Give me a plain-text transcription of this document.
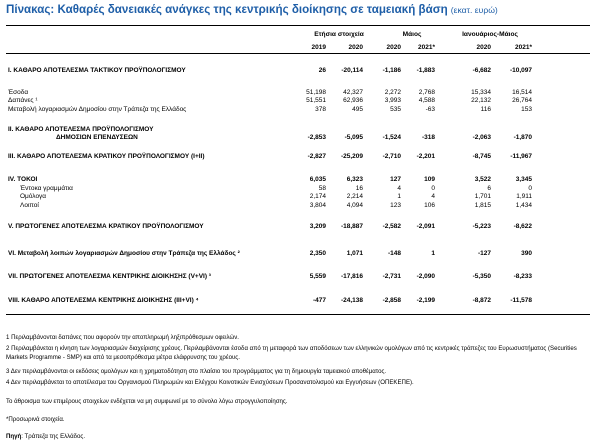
Πίνακας: Καθαρές δανειακές ανάγκες της κεντρικής διοίκησης σε ταμειακή βάση (εκατ. ευρώ)
Ετήσια στοιχεία	Μάιος	Ιανουάριος-Μάιος
2019	2020	2020	2021*	2020	2021*
I. ΚΑΘΑΡΟ ΑΠΟΤΕΛΕΣΜΑ ΤΑΚΤΙΚΟΥ ΠΡΟΫΠΟΛΟΓΙΣΜΟΥ	26	-20,114	-1,186	-1,883	-6,682	-10,097
Έσοδα	51,198	42,327	2,272	2,768	15,334	16,514
Δαπάνες ¹	51,551	62,936	3,993	4,588	22,132	26,764
Μεταβολή λογαριασμών Δημοσίου στην Τράπεζα της Ελλάδος	378	495	535	-63	116	153
II. ΚΑΘΑΡΟ ΑΠΟΤΕΛΕΣΜΑ ΠΡΟΫΠΟΛΟΓΙΣΜΟΥ
ΔΗΜΟΣΙΩΝ ΕΠΕΝΔΥΣΕΩΝ	-2,853	-5,095	-1,524	-318	-2,063	-1,870
III. ΚΑΘΑΡΟ ΑΠΟΤΕΛΕΣΜΑ ΚΡΑΤΙΚΟΥ ΠΡΟΫΠΟΛΟΓΙΣΜΟΥ (I+II)	-2,827	-25,209	-2,710	-2,201	-8,745	-11,967
IV. ΤΟΚΟΙ	6,035	6,323	127	109	3,522	3,345
Έντοκα γραμμάτια	58	16	4	0	6	0
Ομόλογα	2,174	2,214	1	4	1,701	1,911
Λοιποί	3,804	4,094	123	106	1,815	1,434
V. ΠΡΩΤΟΓΕΝΕΣ ΑΠΟΤΕΛΕΣΜΑ ΚΡΑΤΙΚΟΥ ΠΡΟΫΠΟΛΟΓΙΣΜΟΥ	3,209	-18,887	-2,582	-2,091	-5,223	-8,622
VI. Μεταβολή λοιπών λογαριασμών Δημοσίου στην Τράπεζα της Ελλάδος ²	2,350	1,071	-148	1	-127	390
VII. ΠΡΩΤΟΓΕΝΕΣ ΑΠΟΤΕΛΕΣΜΑ ΚΕΝΤΡΙΚΗΣ ΔΙΟΙΚΗΣΗΣ (V+VI) ³	5,559	-17,816	-2,731	-2,090	-5,350	-8,233
VIII. ΚΑΘΑΡΟ ΑΠΟΤΕΛΕΣΜΑ ΚΕΝΤΡΙΚΗΣ ΔΙΟΙΚΗΣΗΣ (III+VI) ⁴	-477	-24,138	-2,858	-2,199	-8,872	-11,578
1 Περιλαμβάνονται δαπάνες που αφορούν την αποπληρωμή ληξιπρόθεσμων οφειλών.
2 Περιλαμβάνεται η κίνηση των λογαριασμών διαχείρισης χρέους. Περιλαμβάνονται έσοδα από τη μεταφορά των αποδόσεων των ελληνικών ομολόγων από τις κεντρικές τράπεζες του Ευρωσυστήματος (Securities Markets Programme - SMP) και από τα μεσοπρόθεσμα μέτρα ελάφρυνσης του χρέους.
3 Δεν περιλαμβάνονται οι εκδόσεις ομολόγων και η χρηματοδότηση στο πλαίσιο του προγράμματος για τη δημιουργία ταμειακού αποθέματος.
4 Δεν περιλαμβάνεται το αποτέλεσμα του Οργανισμού Πληρωμών και Ελέγχου Κοινοτικών Ενισχύσεων Προσανατολισμού και Εγγυήσεων (ΟΠΕΚΕΠΕ).
Το άθροισμα των επιμέρους στοιχείων ενδέχεται να μη συμφωνεί με το σύνολο λόγω στρογγυλοποίησης.
*Προσωρινά στοιχεία.
Πηγή: Τράπεζα της Ελλάδος.
